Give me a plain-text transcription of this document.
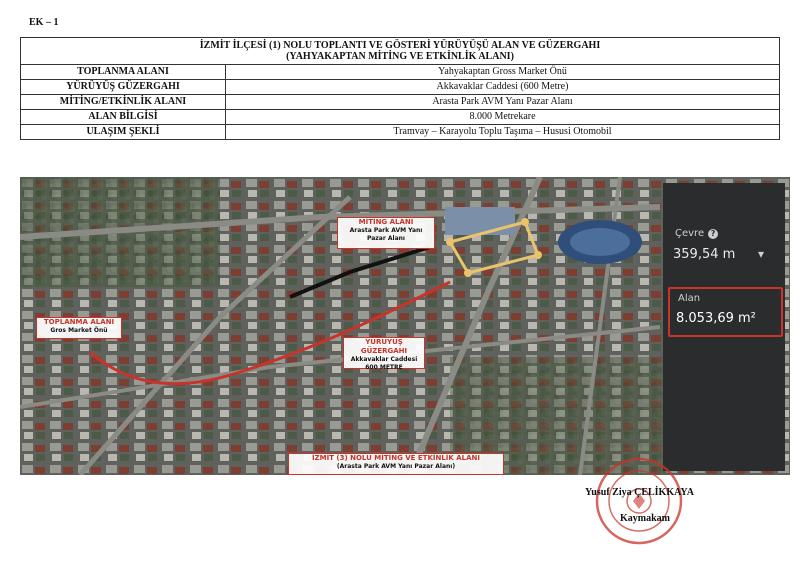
EK – 1
İZMİT İLÇESİ (1) NOLU TOPLANTI VE GÖSTERİ YÜRÜYÜŞÜ ALAN VE GÜZERGAHI
(YAHYAKAPTAN MİTİNG VE ETKİNLİK ALANI)	

TOPLANMA ALANI	Yahyakaptan Gross Market Önü
YÜRÜYÜŞ GÜZERGAHI	Akkavaklar Caddesi (600 Metre)
MİTİNG/ETKİNLİK ALANI	Arasta Park AVM Yanı Pazar Alanı
ALAN BİLGİSİ	8.000 Metrekare
ULAŞIM ŞEKLİ	Tramvay – Karayolu Toplu Taşıma – Hususi Otomobil
MİTİNG ALANI
Arasta Park AVM Yanı
Pazar Alanı
TOPLANMA ALANI
Gros Market Önü
YÜRÜYÜŞ GÜZERGAHI
Akkavaklar Caddesi
600 METRE
İZMİT (3) NOLU MİTİNG VE ETKİNLİK ALANI
(Arasta Park AVM Yanı Pazar Alanı)
Çevre ?
359,54 m ▾
Alan
8.053,69 m²
Yusuf Ziya ÇELİKKAYA
Kaymakam
